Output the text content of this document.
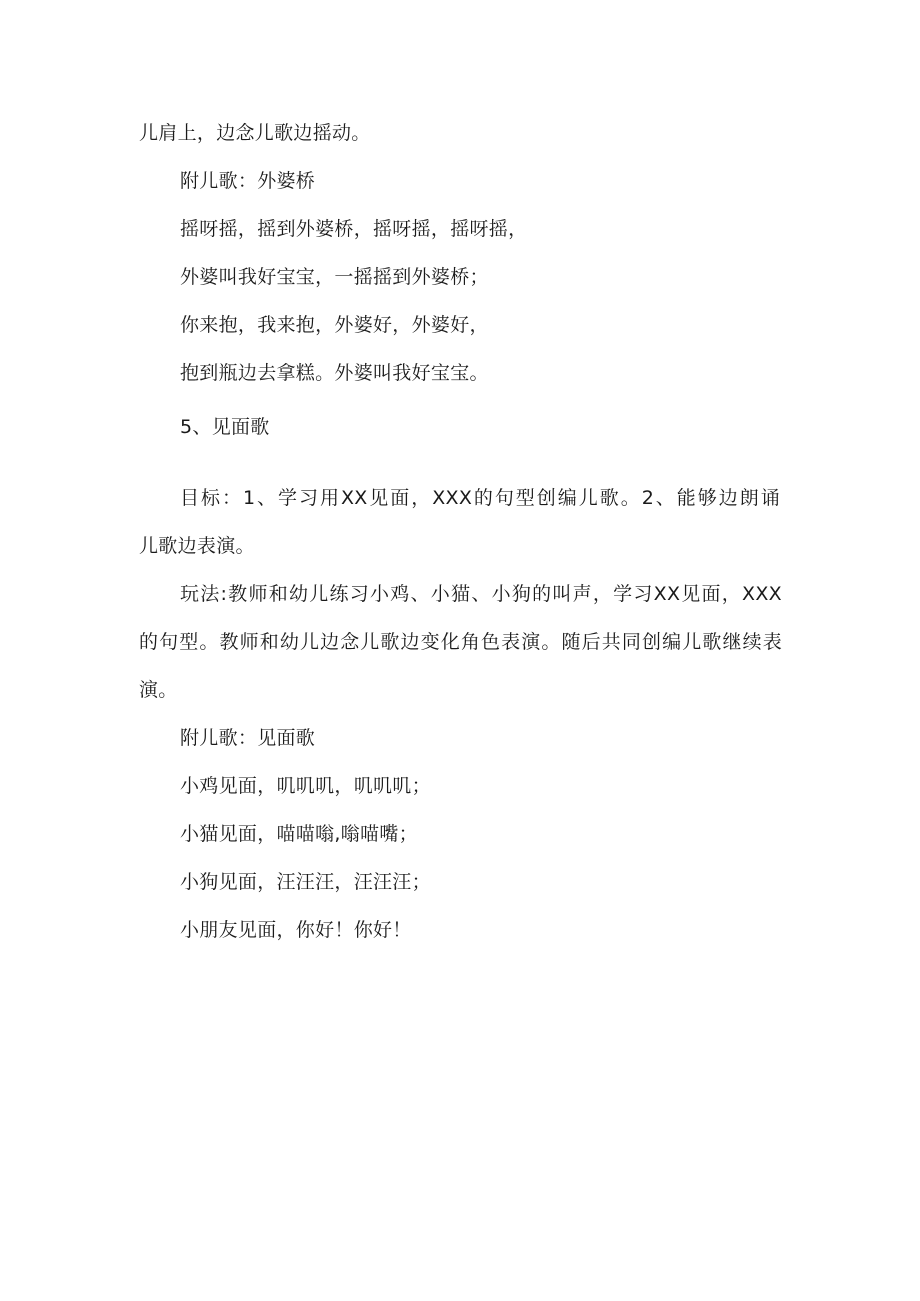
儿肩上，边念儿歌边摇动。
附儿歌：外婆桥
摇呀摇，摇到外婆桥，摇呀摇，摇呀摇，
外婆叫我好宝宝，一摇摇到外婆桥；
你来抱，我来抱，外婆好，外婆好，
抱到瓶边去拿糕。外婆叫我好宝宝。
5、见面歌
目标：1、学习用XX见面，XXX的句型创编儿歌。2、能够边朗诵
儿歌边表演。
玩法:教师和幼儿练习小鸡、小猫、小狗的叫声，学习XX见面，XXX
的句型。教师和幼儿边念儿歌边变化角色表演。随后共同创编儿歌继续表
演。
附儿歌：见面歌
小鸡见面，叽叽叽，叽叽叽；
小猫见面，喵喵嗡,嗡喵嘴；
小狗见面，汪汪汪，汪汪汪；
小朋友见面，你好！你好！
